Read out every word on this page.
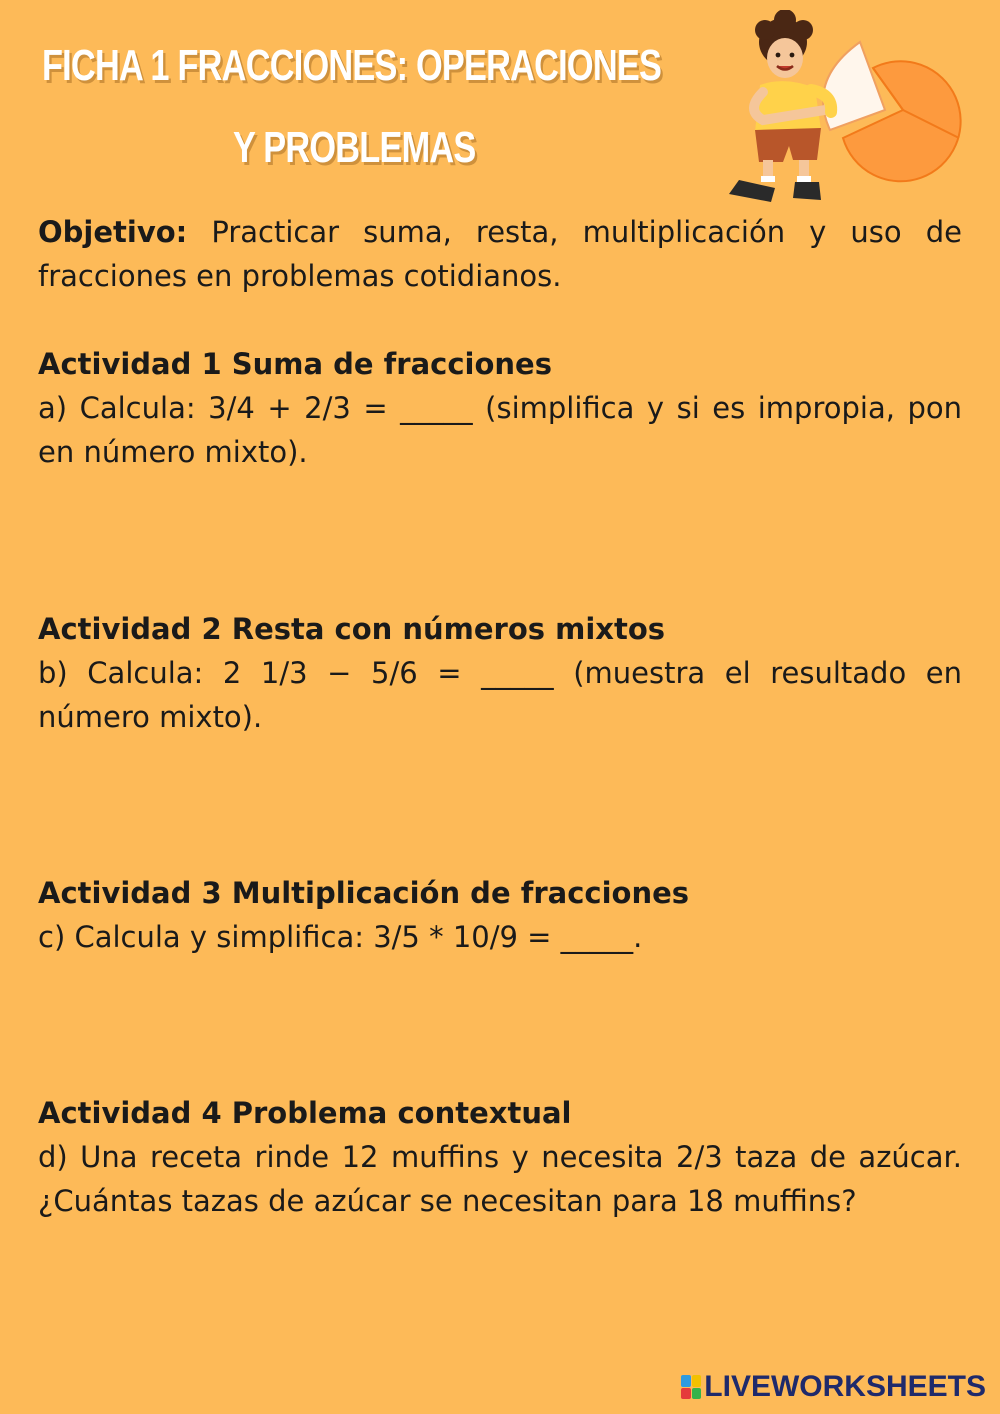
FICHA 1 FRACCIONES: OPERACIONES
Y PROBLEMAS
Objetivo: Practicar suma, resta, multiplicación y uso de fracciones en problemas cotidianos.
Actividad 1 Suma de fracciones
a) Calcula: 3/4 + 2/3 = _____ (simplifica y si es impropia, pon en número mixto).
Actividad 2 Resta con números mixtos
b) Calcula: 2 1/3 − 5/6 = _____ (muestra el resultado en número mixto).
Actividad 3 Multiplicación de fracciones
c) Calcula y simplifica: 3/5 * 10/9 = _____.
Actividad 4 Problema contextual
d) Una receta rinde 12 muffins y necesita 2/3 taza de azúcar. ¿Cuántas tazas de azúcar se necesitan para 18 muffins?
LIVEWORKSHEETS
